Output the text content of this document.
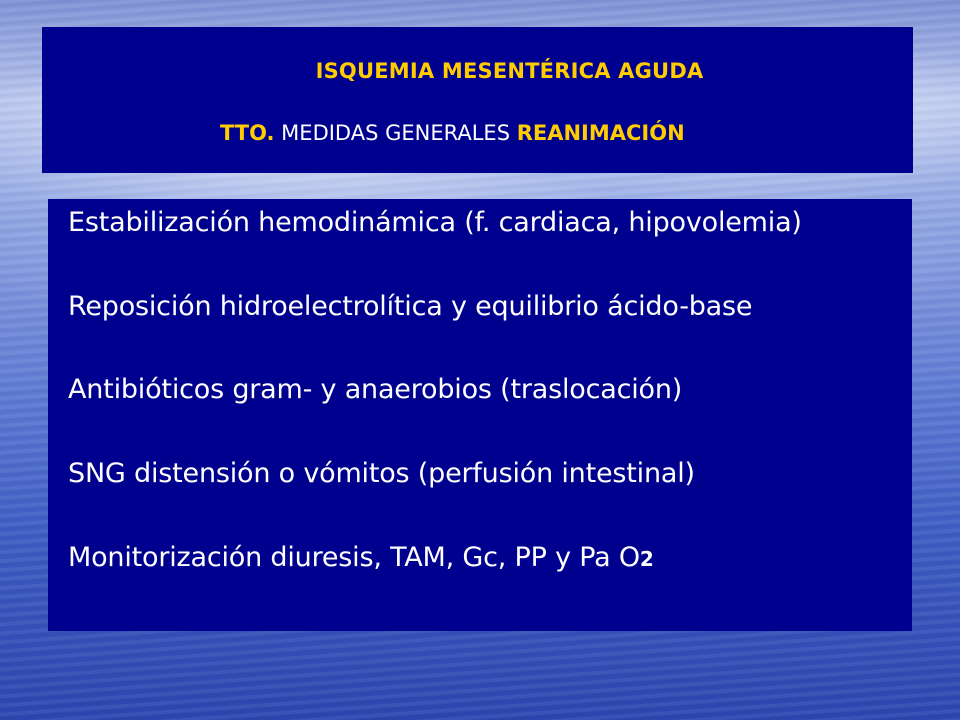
ISQUEMIA MESENTÉRICA AGUDA
TTO. MEDIDAS GENERALES REANIMACIÓN
Estabilización hemodinámica (f. cardiaca, hipovolemia)
Reposición hidroelectrolítica y equilibrio ácido-base
Antibióticos gram- y anaerobios (traslocación)
SNG distensión o vómitos (perfusión intestinal)
Monitorización diuresis, TAM, Gc, PP y Pa O2
